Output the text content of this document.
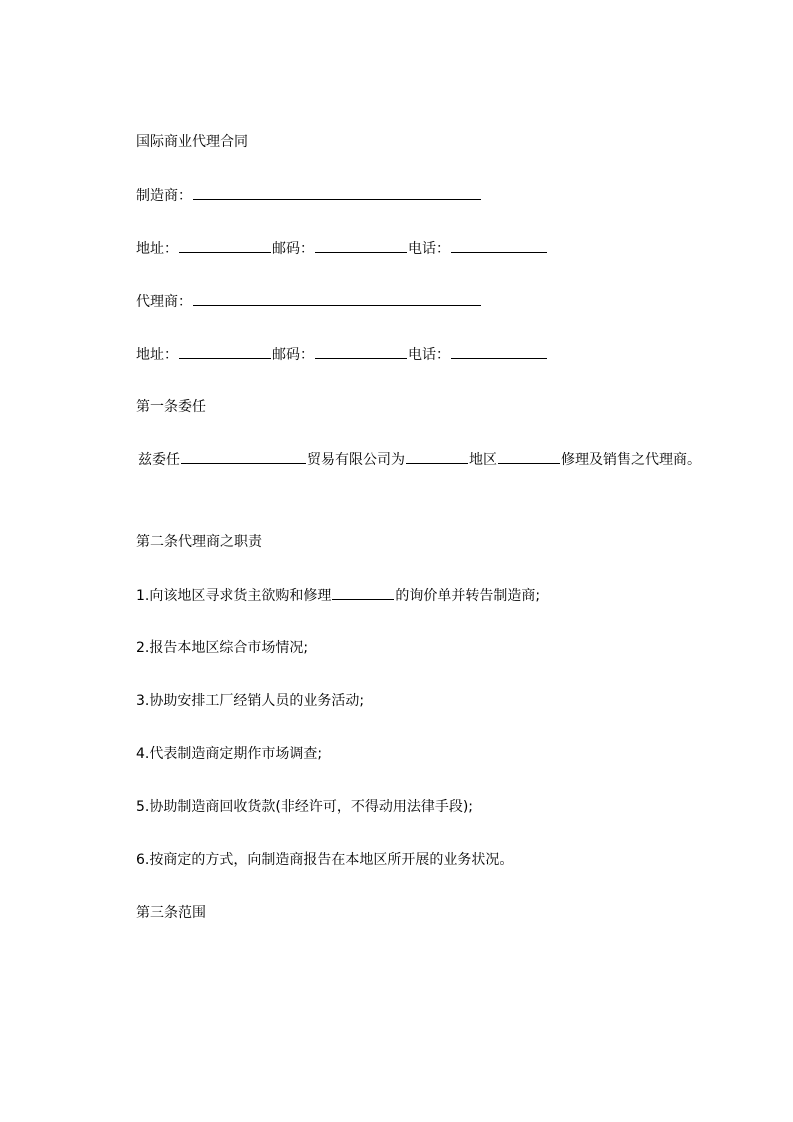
国际商业代理合同
制造商：
地址：	邮码：	电话：
代理商：
地址：	邮码：	电话：
第一条委任
兹委任	贸易有限公司为	地区	修理及销售之代理商。
第二条代理商之职责
1.向该地区寻求货主欲购和修理	的询价单并转告制造商;
2.报告本地区综合市场情况;
3.协助安排工厂经销人员的业务活动;
4.代表制造商定期作市场调查;
5.协助制造商回收货款(非经许可，不得动用法律手段);
6.按商定的方式，向制造商报告在本地区所开展的业务状况。
第三条范围
